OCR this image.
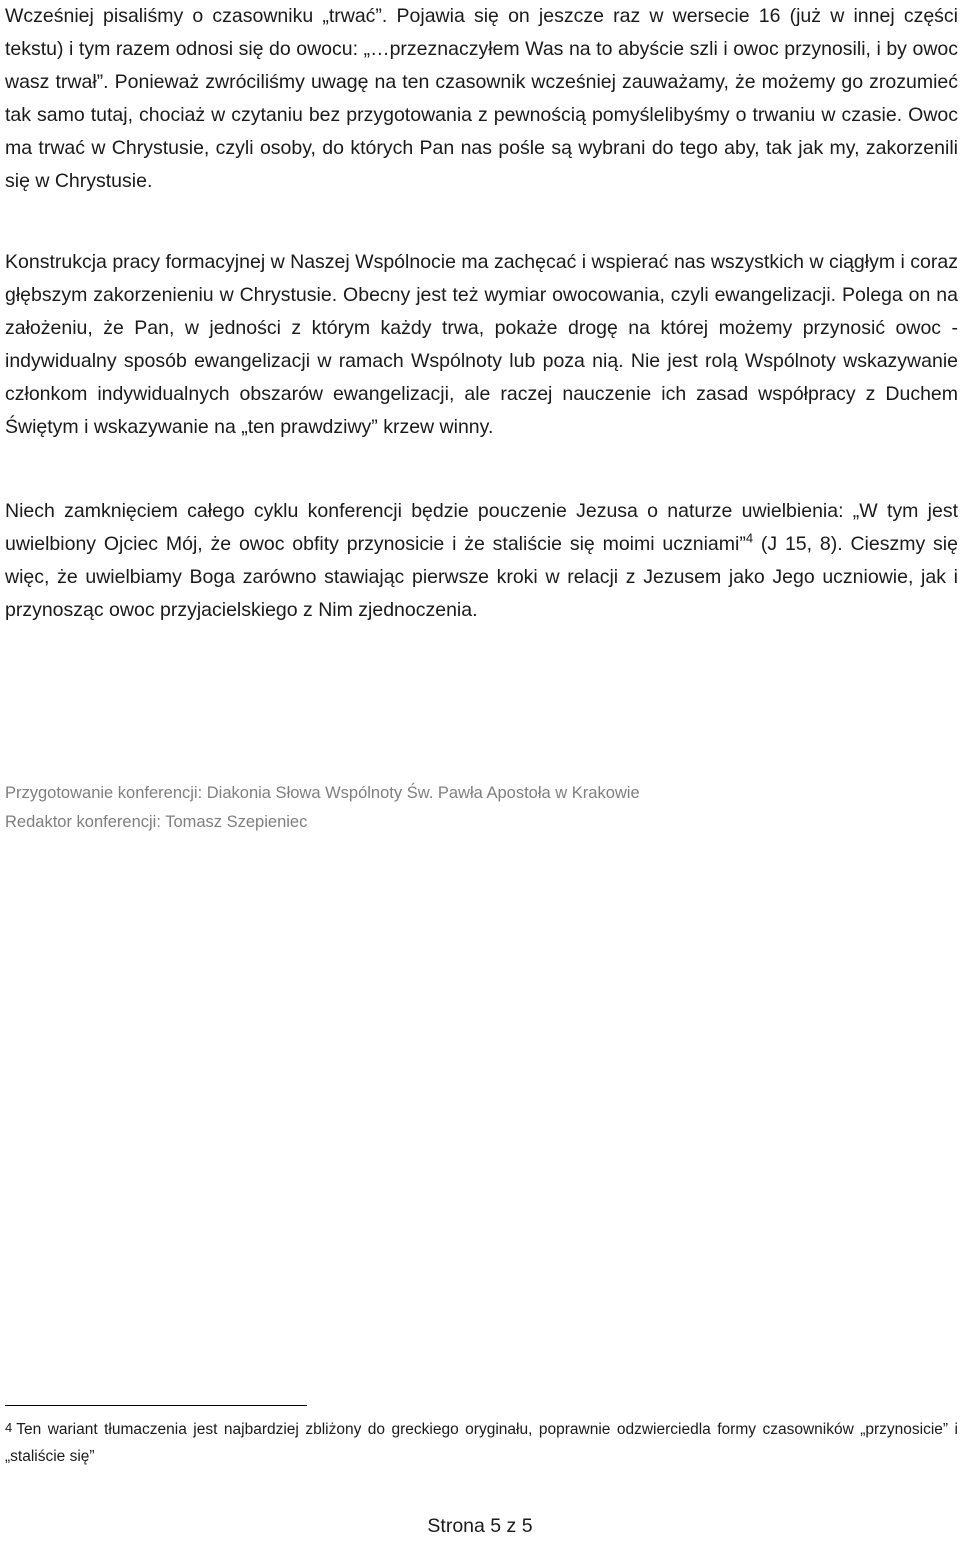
Wcześniej pisaliśmy o czasowniku „trwać”. Pojawia się on jeszcze raz w wersecie 16 (już w innej części tekstu) i tym razem odnosi się do owocu: „…przeznaczyłem Was na to abyście szli i owoc przynosili, i by owoc wasz trwał”. Ponieważ zwróciliśmy uwagę na ten czasownik wcześniej zauważamy, że możemy go zrozumieć tak samo tutaj, chociaż w czytaniu bez przygotowania z pewnością pomyślelibyśmy o trwaniu w czasie. Owoc ma trwać w Chrystusie, czyli osoby, do których Pan nas pośle są wybrani do tego aby, tak jak my, zakorzenili się w Chrystusie.

Konstrukcja pracy formacyjnej w Naszej Wspólnocie ma zachęcać i wspierać nas wszystkich w ciągłym i coraz głębszym zakorzenieniu w Chrystusie. Obecny jest też wymiar owocowania, czyli ewangelizacji. Polega on na założeniu, że Pan, w jedności z którym każdy trwa, pokaże drogę na której możemy przynosić owoc - indywidualny sposób ewangelizacji w ramach Wspólnoty lub poza nią. Nie jest rolą Wspólnoty wskazywanie członkom indywidualnych obszarów ewangelizacji, ale raczej nauczenie ich zasad współpracy z Duchem Świętym i wskazywanie na „ten prawdziwy” krzew winny.

Niech zamknięciem całego cyklu konferencji będzie pouczenie Jezusa o naturze uwielbienia: „W tym jest uwielbiony Ojciec Mój, że owoc obfity przynosicie i że staliście się moimi uczniami”$^4$ (J 15, 8). Cieszmy się więc, że uwielbiamy Boga zarówno stawiając pierwsze kroki w relacji z Jezusem jako Jego uczniowie, jak i przynosząc owoc przyjacielskiego z Nim zjednoczenia.

Przygotowanie konferencji: Diakonia Słowa Wspólnoty Św. Pawła Apostoła w Krakowie
Redaktor konferencji: Tomasz Szepieniec

$^4$ Ten wariant tłumaczenia jest najbardziej zbliżony do greckiego oryginału, poprawnie odzwierciedla formy czasowników „przynosicie” i „staliście się”

Strona 5 z 5
